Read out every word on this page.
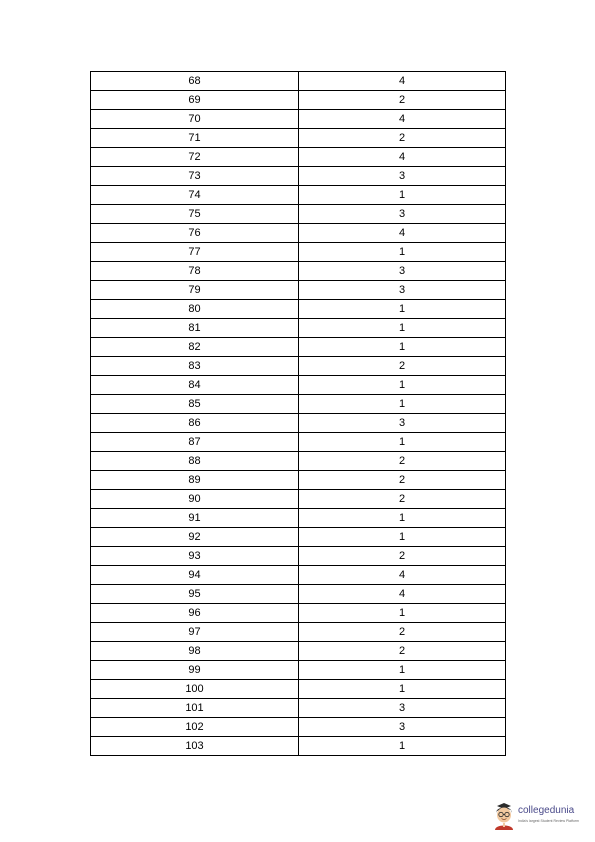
68	4
69	2
70	4
71	2
72	4
73	3
74	1
75	3
76	4
77	1
78	3
79	3
80	1
81	1
82	1
83	2
84	1
85	1
86	3
87	1
88	2
89	2
90	2
91	1
92	1
93	2
94	4
95	4
96	1
97	2
98	2
99	1
100	1
101	3
102	3
103	1
collegedunia
India's largest Student Review Platform
